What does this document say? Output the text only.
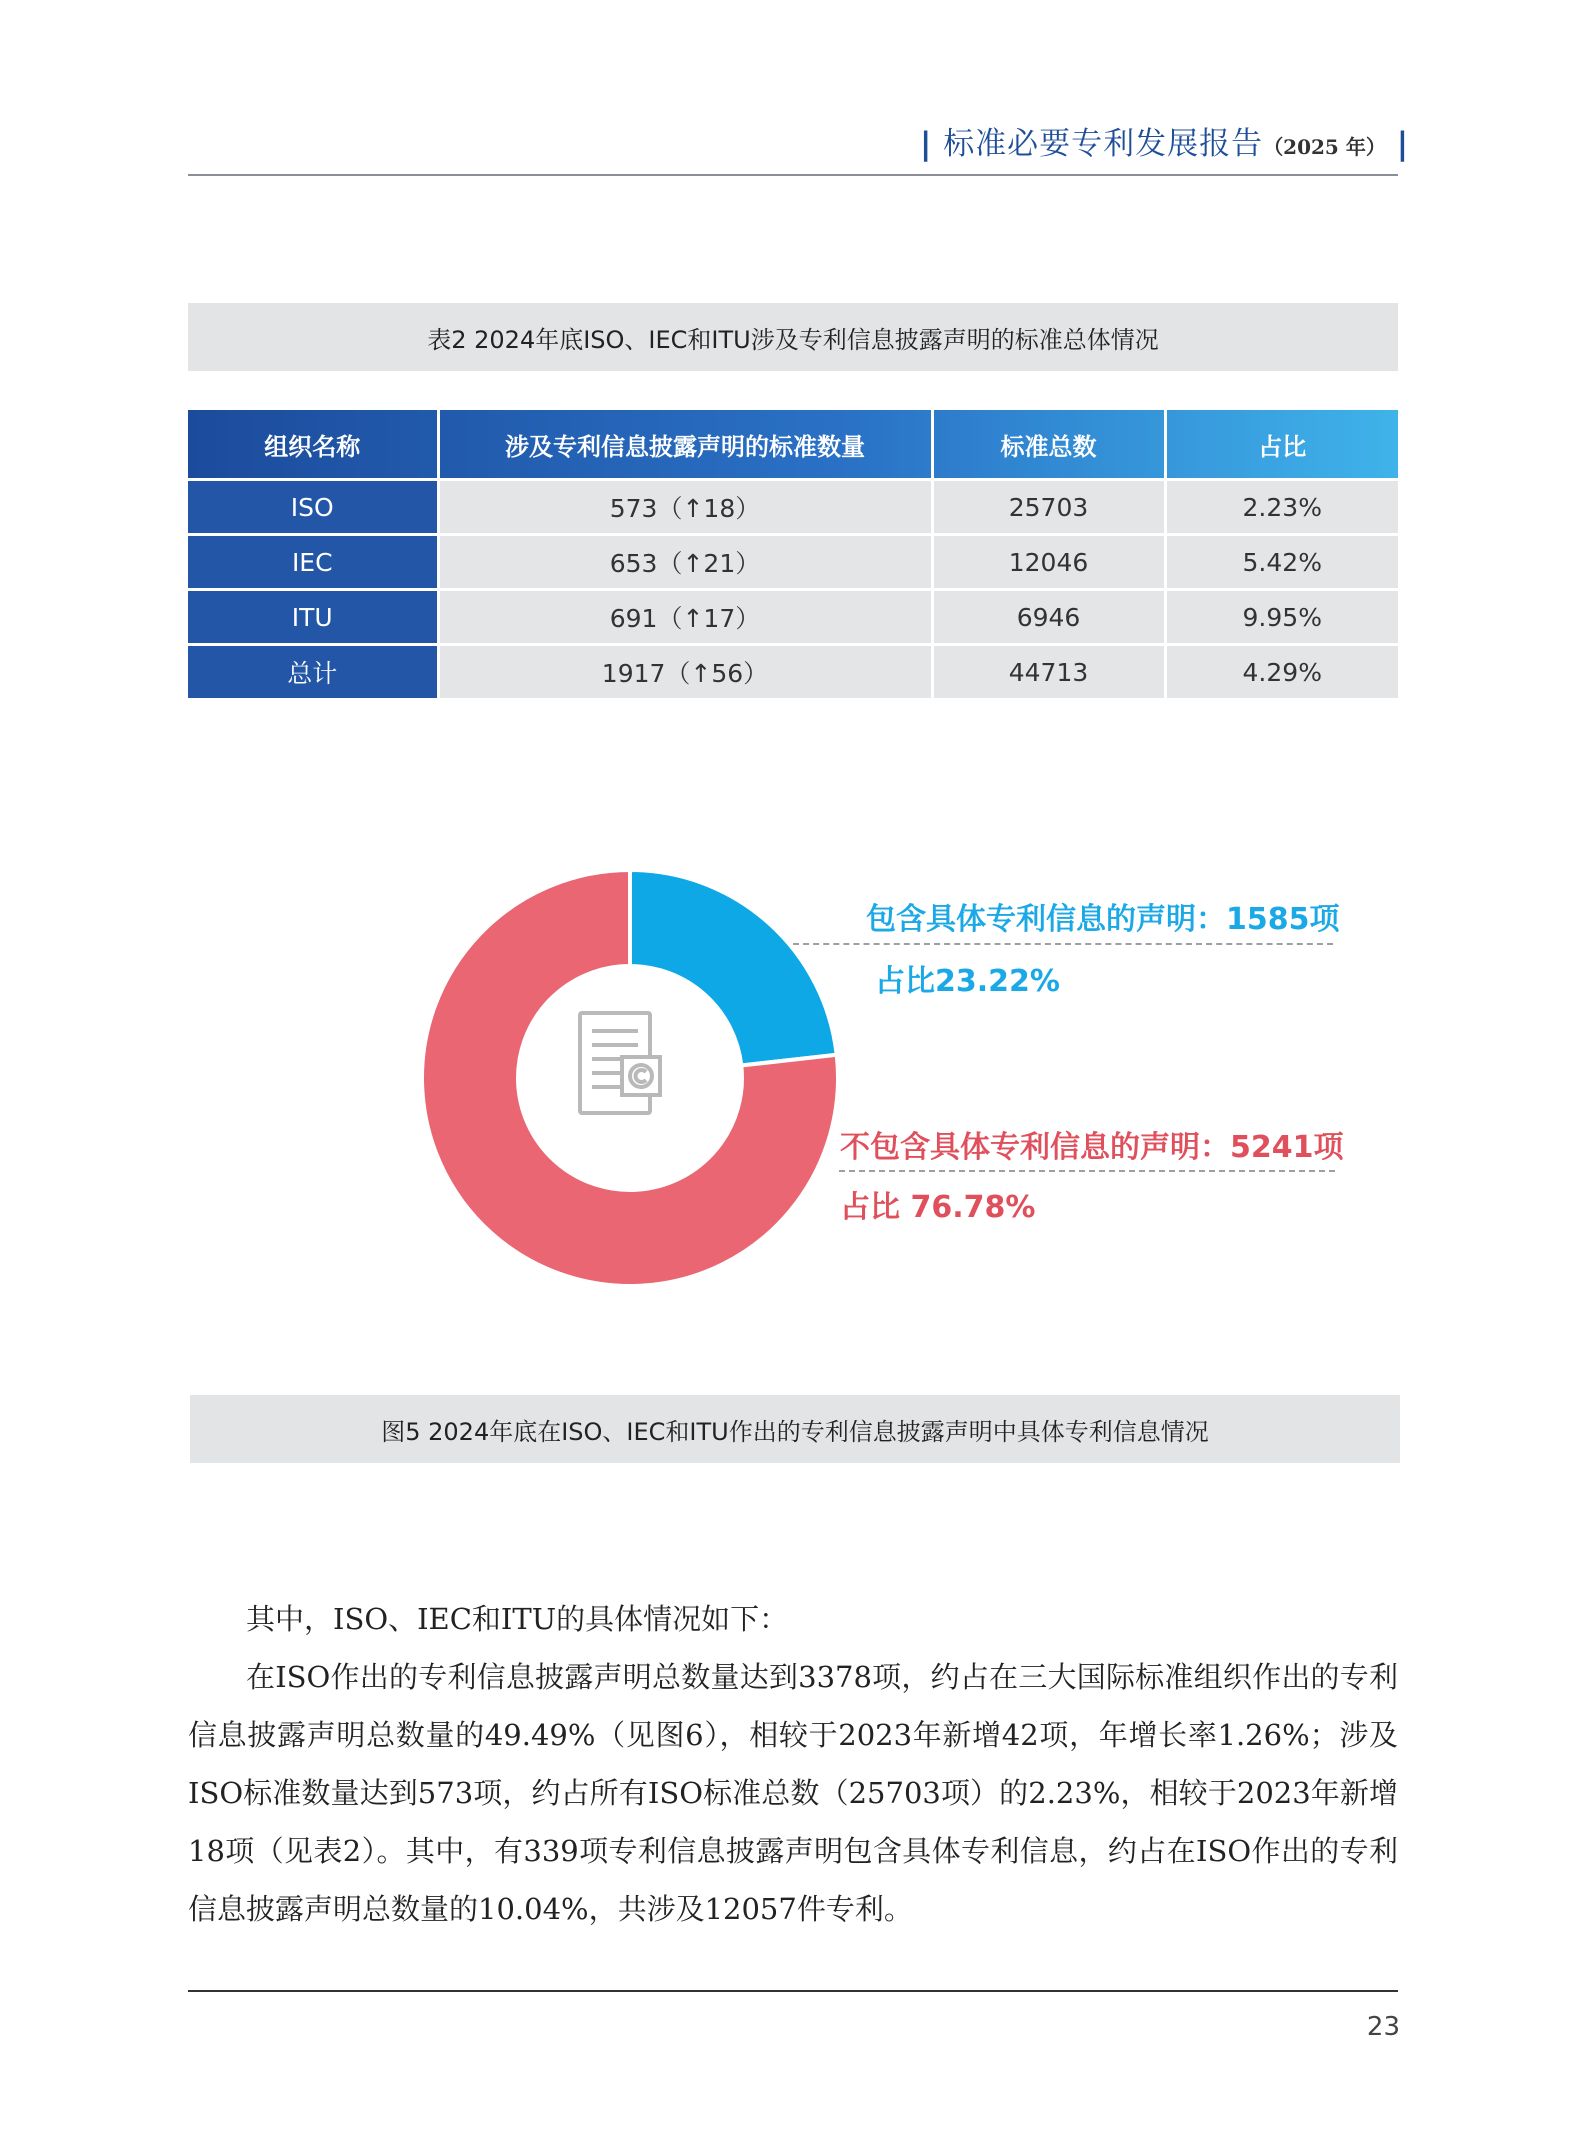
| 标准必要专利发展报告（2025 年） |
表2 2024年底ISO、IEC和ITU涉及专利信息披露声明的标准总体情况
组织名称	涉及专利信息披露声明的标准数量	标准总数	占比
ISO	573（↑18）	25703	2.23%
IEC	653（↑21）	12046	5.42%
ITU	691（↑17）	6946	9.95%
总计	1917（↑56）	44713	4.29%
包含具体专利信息的声明：1585项
占比23.22%
不包含具体专利信息的声明：5241项
占比 76.78%
图5 2024年底在ISO、IEC和ITU作出的专利信息披露声明中具体专利信息情况

其中，ISO、IEC和ITU的具体情况如下：

在ISO作出的专利信息披露声明总数量达到3378项，约占在三大国际标准组织作出的专利信息披露声明总数量的49.49%（见图6），相较于2023年新增42项，年增长率1.26%；涉及ISO标准数量达到573项，约占所有ISO标准总数（25703项）的2.23%，相较于2023年新增18项（见表2）。其中，有339项专利信息披露声明包含具体专利信息，约占在ISO作出的专利信息披露声明总数量的10.04%，共涉及12057件专利。

23
